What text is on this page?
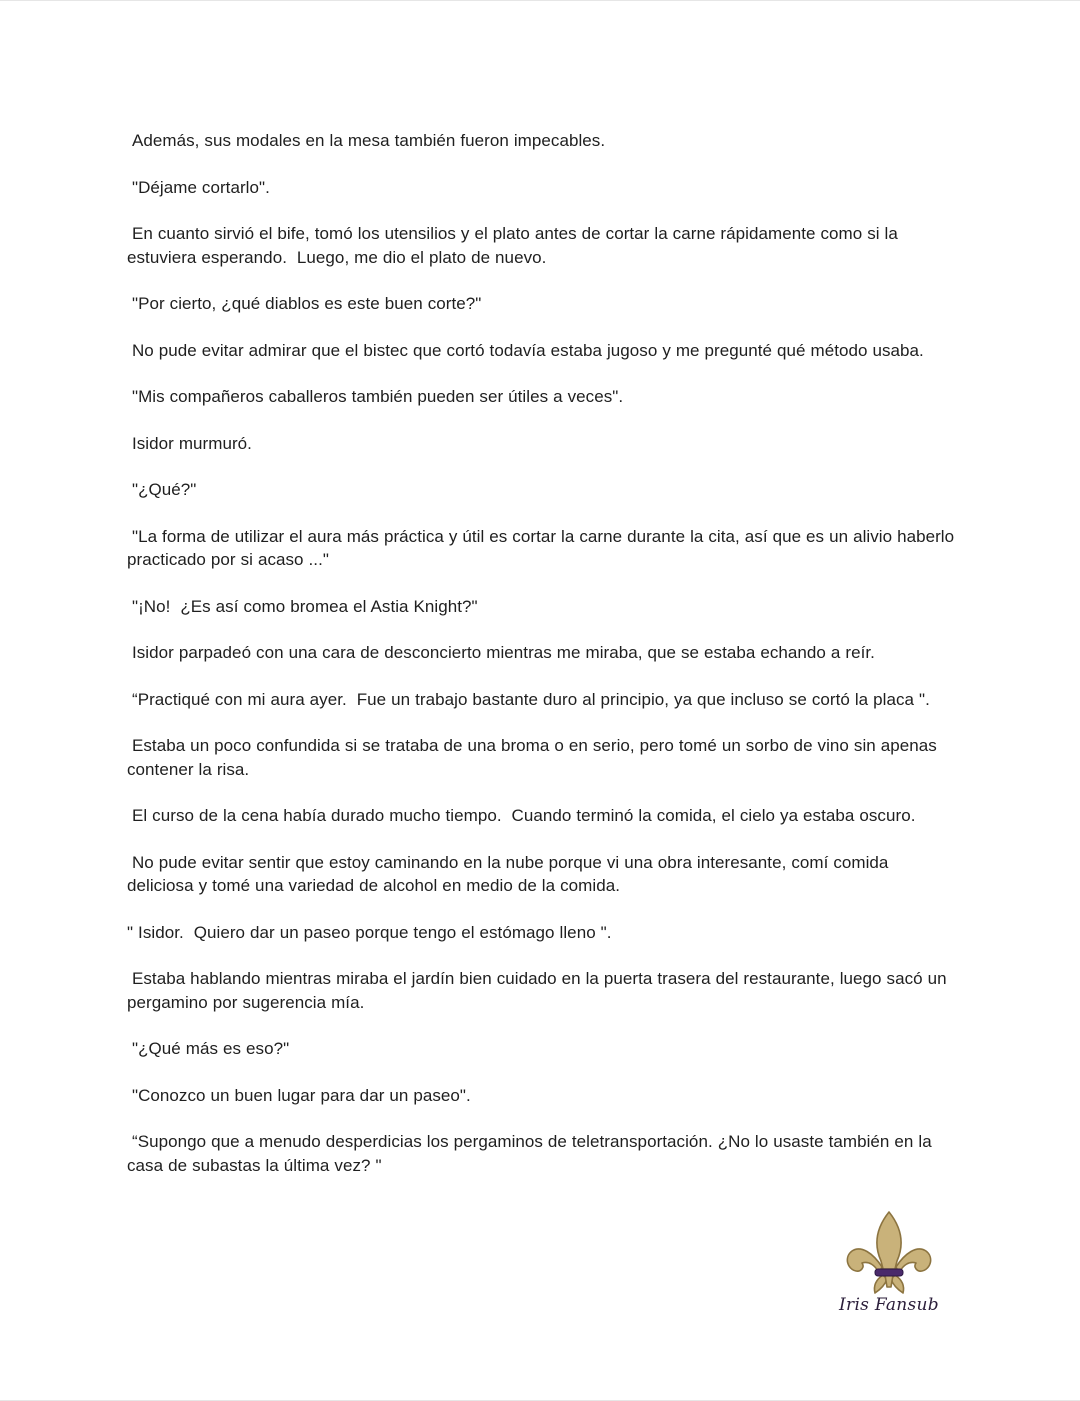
Además, sus modales en la mesa también fueron impecables.

"Déjame cortarlo".

En cuanto sirvió el bife, tomó los utensilios y el plato antes de cortar la carne rápidamente como si la estuviera esperando.  Luego, me dio el plato de nuevo.

"Por cierto, ¿qué diablos es este buen corte?"

No pude evitar admirar que el bistec que cortó todavía estaba jugoso y me pregunté qué método usaba.

"Mis compañeros caballeros también pueden ser útiles a veces".

Isidor murmuró.

"¿Qué?"

"La forma de utilizar el aura más práctica y útil es cortar la carne durante la cita, así que es un alivio haberlo practicado por si acaso ..."

"¡No!  ¿Es así como bromea el Astia Knight?"

Isidor parpadeó con una cara de desconcierto mientras me miraba, que se estaba echando a reír.

“Practiqué con mi aura ayer.  Fue un trabajo bastante duro al principio, ya que incluso se cortó la placa ".

Estaba un poco confundida si se trataba de una broma o en serio, pero tomé un sorbo de vino sin apenas contener la risa.

El curso de la cena había durado mucho tiempo.  Cuando terminó la comida, el cielo ya estaba oscuro.

No pude evitar sentir que estoy caminando en la nube porque vi una obra interesante, comí comida deliciosa y tomé una variedad de alcohol en medio de la comida.

" Isidor.  Quiero dar un paseo porque tengo el estómago lleno ".

Estaba hablando mientras miraba el jardín bien cuidado en la puerta trasera del restaurante, luego sacó un pergamino por sugerencia mía.

"¿Qué más es eso?"

"Conozco un buen lugar para dar un paseo".

“Supongo que a menudo desperdicias los pergaminos de teletransportación. ¿No lo usaste también en la casa de subastas la última vez? "

Iris Fansub
